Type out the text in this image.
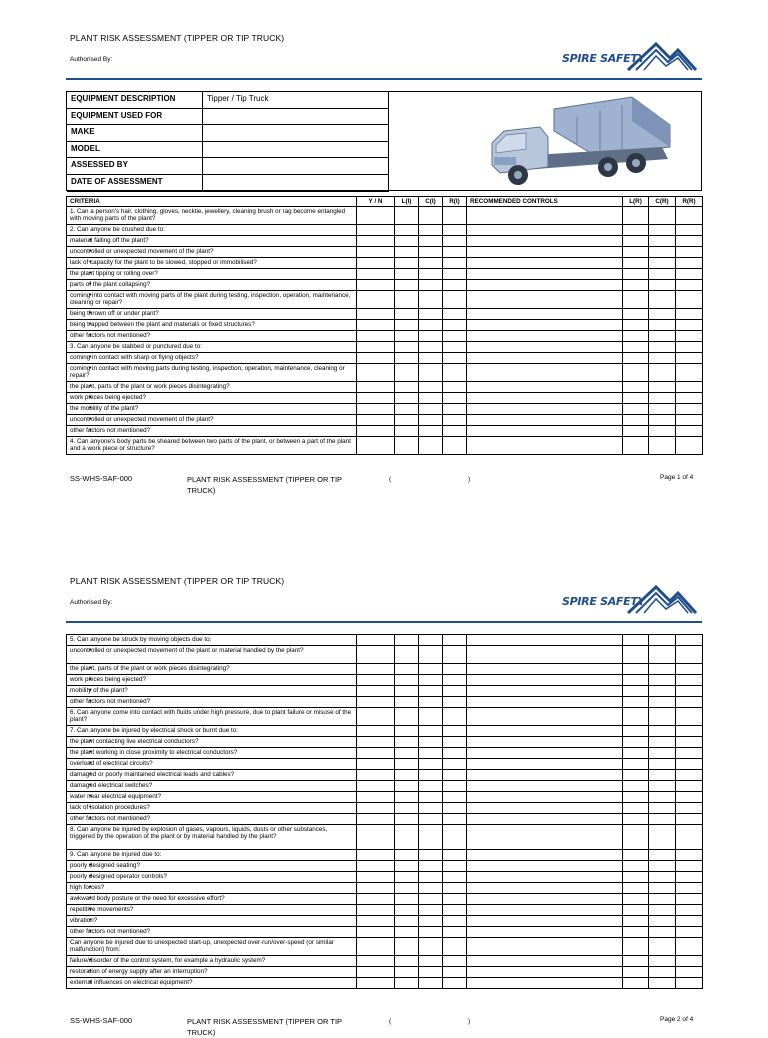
PLANT RISK ASSESSMENT (TIPPER OR TIP TRUCK)
Authorised By:	SPIRE SAFETY
EQUIPMENT DESCRIPTION	Tipper / Tip Truck
EQUIPMENT USED FOR
MAKE
MODEL
ASSESSED BY
DATE OF ASSESSMENT
CRITERIA	Y / N	L(I)	C(I)	R(I)	RECOMMENDED CONTROLS	L(R)	C(R)	R(R)
1. Can a person's hair, clothing, gloves, necktie, jewellery, cleaning brush or rag become entangled with moving parts of the plant?								
2. Can anyone be crushed due to:								
• material falling off the plant?								
• uncontrolled or unexpected movement of the plant?								
• lack of capacity for the plant to be slowed, stopped or immobilised?								
• the plant tipping or rolling over?								
• parts of the plant collapsing?								
• coming into contact with moving parts of the plant during testing, inspection, operation, maintenance, cleaning or repair?								
• being thrown off or under plant?								
• being trapped between the plant and materials or fixed structures?								
• other factors not mentioned?								
3. Can anyone be stabbed or punctured due to:								
• coming in contact with sharp or flying objects?								
• coming in contact with moving parts during testing, inspection, operation, maintenance, cleaning or repair?								
• the plant, parts of the plant or work pieces disintegrating?								
• work pieces being ejected?								
• the mobility of the plant?								
• uncontrolled or unexpected movement of the plant?								
• other factors not mentioned?								
4. Can anyone's body parts be sheared between two parts of the plant, or between a part of the plant and a work piece or structure?								
SS-WHS-SAF-000	PLANT RISK ASSESSMENT (TIPPER OR TIP TRUCK)
(	)	Page 1 of 4
PLANT RISK ASSESSMENT (TIPPER OR TIP TRUCK)
Authorised By:	SPIRE SAFETY
5. Can anyone be struck by moving objects due to:								
• uncontrolled or unexpected movement of the plant or material handled by the plant?								
• the plant, parts of the plant or work pieces disintegrating?								
• work pieces being ejected?								
• mobility of the plant?								
• other factors not mentioned?								
6. Can anyone come into contact with fluids under high pressure, due to plant failure or misuse of the plant?								
7. Can anyone be injured by electrical shock or burnt due to:								
• the plant contacting live electrical conductors?								
• the plant working in close proximity to electrical conductors?								
• overload of electrical circuits?								
• damaged or poorly maintained electrical leads and cables?								
• damaged electrical switches?								
• water near electrical equipment?								
• lack of isolation procedures?								
• other factors not mentioned?								
8. Can anyone be injured by explosion of gases, vapours, liquids, dusts or other substances, triggered by the operation of the plant or by material handled by the plant?								
9. Can anyone be injured due to:								
• poorly designed seating?								
• poorly designed operator controls?								
• high forces?								
• awkward body posture or the need for excessive effort?								
• repetitive movements?								
• vibration?								
• other factors not mentioned?								
Can anyone be injured due to unexpected start-up, unexpected over-run/over-speed (or similar malfunction) from:								
• failure/disorder of the control system, for example a hydraulic system?								
• restoration of energy supply after an interruption?								
• external influences on electrical equipment?								
SS-WHS-SAF-000	PLANT RISK ASSESSMENT (TIPPER OR TIP TRUCK)
(	)	Page 2 of 4
